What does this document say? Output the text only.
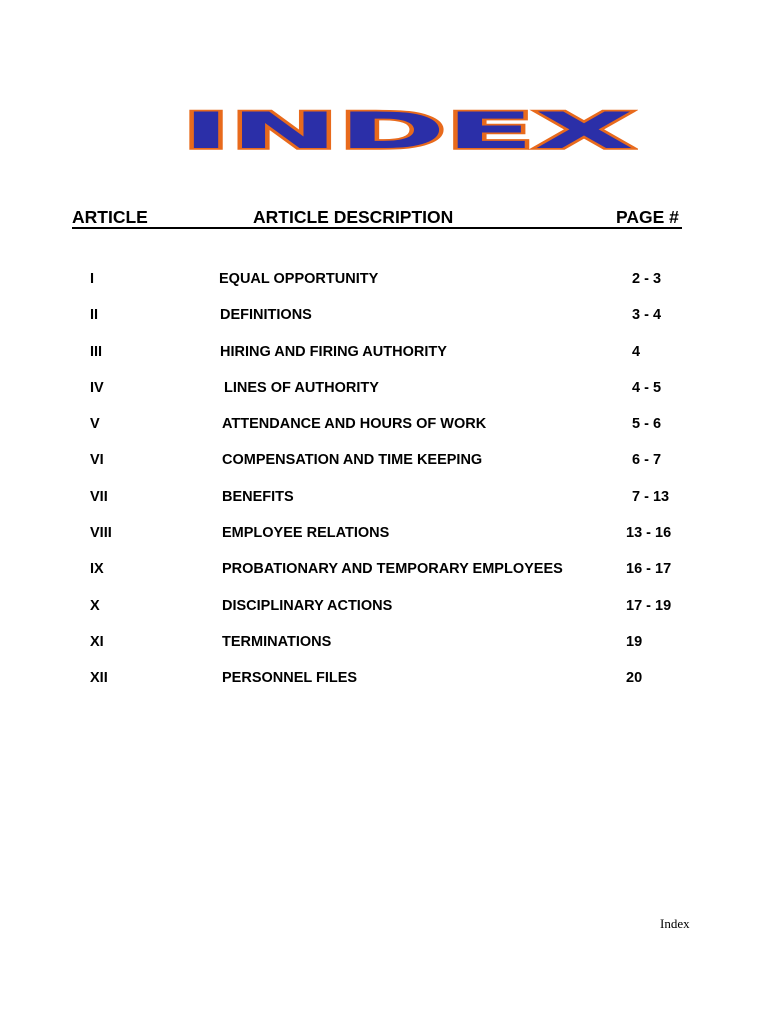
INDEX
ARTICLE	ARTICLE DESCRIPTION	PAGE #
I	EQUAL OPPORTUNITY	2 - 3
II	DEFINITIONS	3 - 4
III	HIRING AND FIRING AUTHORITY	4
IV	LINES OF AUTHORITY	4 - 5
V	ATTENDANCE AND HOURS OF WORK	5 - 6
VI	COMPENSATION AND TIME KEEPING	6 - 7
VII	BENEFITS	7 - 13
VIII	EMPLOYEE RELATIONS	13 - 16
IX	PROBATIONARY AND TEMPORARY EMPLOYEES	16 - 17
X	DISCIPLINARY ACTIONS	17 - 19
XI	TERMINATIONS	19
XII	PERSONNEL FILES	20
Index
